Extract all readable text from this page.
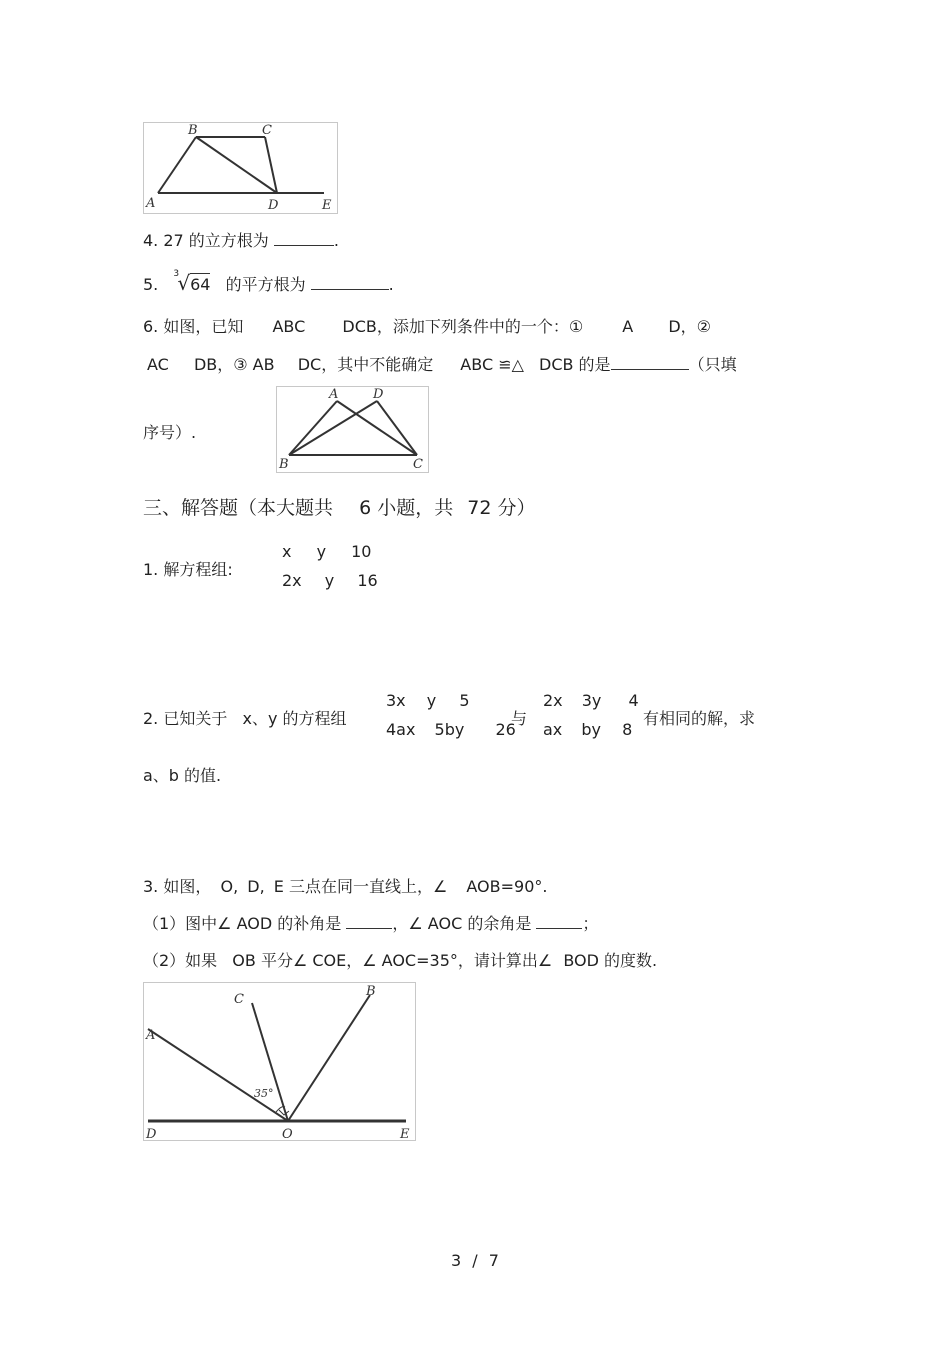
B	C
A	D	E
4. 27 的立方根为	.
5.
3
√64 的平方根为	.
6. 如图，已知 ABC DCB，添加下列条件中的一个：① A D，②
AC DB，③ AB DC，其中不能确定 ABC ≌△ DCB 的是	（只填
序号）.
A	D
B	C
三、解答题（本大题共 6 小题，共 72 分）
1. 解方程组:
x y 10
2x y 16
2. 已知关于 x、y 的方程组
3x y 5
4ax 5by 26
与
2x 3y 4
ax by 8
有相同的解，求
a、b 的值.
3. 如图， O, D, E 三点在同一直线上，∠ AOB=90°.
（1）图中∠ AOD 的补角是	，∠ AOC 的余角是	；
（2）如果 OB 平分∠ COE，∠ AOC=35°，请计算出∠ BOD 的度数.
A
B
C
D	O	E
35°
3 / 7
